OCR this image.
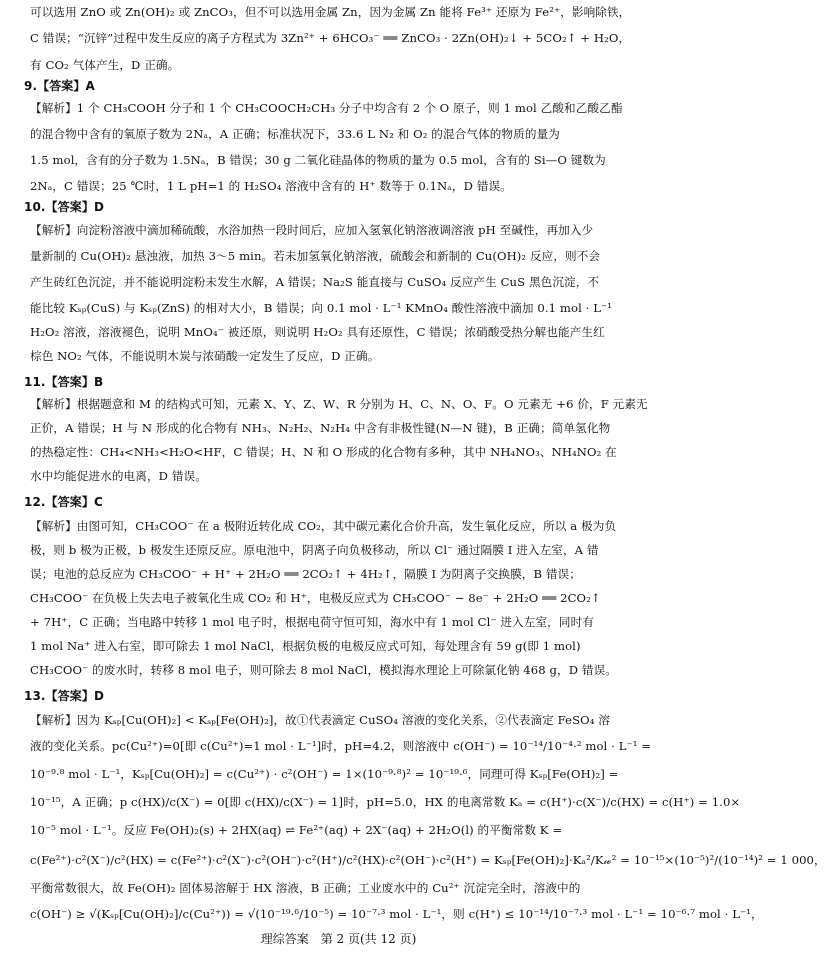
可以选用 ZnO 或 Zn(OH)₂ 或 ZnCO₃，但不可以选用金属 Zn，因为金属 Zn 能将 Fe³⁺ 还原为 Fe²⁺，影响除铁，
C 错误；“沉锌”过程中发生反应的离子方程式为 3Zn²⁺ + 6HCO₃⁻ ══ ZnCO₃ · 2Zn(OH)₂↓ + 5CO₂↑ + H₂O，
有 CO₂ 气体产生，D 正确。
9.【答案】A
【解析】1 个 CH₃COOH 分子和 1 个 CH₃COOCH₂CH₃ 分子中均含有 2 个 O 原子，则 1 mol 乙酸和乙酸乙酯
的混合物中含有的氧原子数为 2Nₐ，A 正确；标准状况下，33.6 L N₂ 和 O₂ 的混合气体的物质的量为
1.5 mol，含有的分子数为 1.5Nₐ，B 错误；30 g 二氧化硅晶体的物质的量为 0.5 mol，含有的 Si—O 键数为
2Nₐ，C 错误；25 ℃时，1 L pH=1 的 H₂SO₄ 溶液中含有的 H⁺ 数等于 0.1Nₐ，D 错误。
10.【答案】D
【解析】向淀粉溶液中滴加稀硫酸，水浴加热一段时间后，应加入氢氧化钠溶液调溶液 pH 至碱性，再加入少
量新制的 Cu(OH)₂ 悬浊液，加热 3～5 min。若未加氢氧化钠溶液，硫酸会和新制的 Cu(OH)₂ 反应，则不会
产生砖红色沉淀，并不能说明淀粉未发生水解，A 错误；Na₂S 能直接与 CuSO₄ 反应产生 CuS 黑色沉淀，不
能比较 Kₛₚ(CuS) 与 Kₛₚ(ZnS) 的相对大小，B 错误；向 0.1 mol · L⁻¹ KMnO₄ 酸性溶液中滴加 0.1 mol · L⁻¹
H₂O₂ 溶液，溶液褪色，说明 MnO₄⁻ 被还原，则说明 H₂O₂ 具有还原性，C 错误；浓硝酸受热分解也能产生红
棕色 NO₂ 气体，不能说明木炭与浓硝酸一定发生了反应，D 正确。
11.【答案】B
【解析】根据题意和 M 的结构式可知，元素 X、Y、Z、W、R 分别为 H、C、N、O、F。O 元素无 +6 价，F 元素无
正价，A 错误；H 与 N 形成的化合物有 NH₃、N₂H₂、N₂H₄ 中含有非极性键(N—N 键)，B 正确；简单氢化物
的热稳定性：CH₄<NH₃<H₂O<HF，C 错误；H、N 和 O 形成的化合物有多种，其中 NH₄NO₃、NH₄NO₂ 在
水中均能促进水的电离，D 错误。
12.【答案】C
【解析】由图可知，CH₃COO⁻ 在 a 极附近转化成 CO₂，其中碳元素化合价升高，发生氧化反应，所以 a 极为负
极，则 b 极为正极，b 极发生还原反应。原电池中，阴离子向负极移动，所以 Cl⁻ 通过隔膜 Ⅰ 进入左室，A 错
误；电池的总反应为 CH₃COO⁻ + H⁺ + 2H₂O ══ 2CO₂↑ + 4H₂↑，隔膜 Ⅰ 为阴离子交换膜，B 错误；
CH₃COO⁻ 在负极上失去电子被氧化生成 CO₂ 和 H⁺，电极反应式为 CH₃COO⁻ − 8e⁻ + 2H₂O ══ 2CO₂↑
+ 7H⁺，C 正确；当电路中转移 1 mol 电子时，根据电荷守恒可知，海水中有 1 mol Cl⁻ 进入左室，同时有
1 mol Na⁺ 进入右室，即可除去 1 mol NaCl，根据负极的电极反应式可知，每处理含有 59 g(即 1 mol)
CH₃COO⁻ 的废水时，转移 8 mol 电子，则可除去 8 mol NaCl，模拟海水理论上可除氯化钠 468 g，D 错误。
13.【答案】D
【解析】因为 Kₛₚ[Cu(OH)₂] < Kₛₚ[Fe(OH)₂]，故①代表滴定 CuSO₄ 溶液的变化关系，②代表滴定 FeSO₄ 溶
液的变化关系。pc(Cu²⁺)=0[即 c(Cu²⁺)=1 mol · L⁻¹]时，pH=4.2，则溶液中 c(OH⁻) = 10⁻¹⁴/10⁻⁴·² mol · L⁻¹ =
10⁻⁹·⁸ mol · L⁻¹，Kₛₚ[Cu(OH)₂] = c(Cu²⁺) · c²(OH⁻) = 1×(10⁻⁹·⁸)² = 10⁻¹⁹·⁶，同理可得 Kₛₚ[Fe(OH)₂] =
10⁻¹⁵，A 正确；p c(HX)/c(X⁻) = 0[即 c(HX)/c(X⁻) = 1]时，pH=5.0，HX 的电离常数 Kₐ = c(H⁺)·c(X⁻)/c(HX) = c(H⁺) = 1.0×
10⁻⁵ mol · L⁻¹。反应 Fe(OH)₂(s) + 2HX(aq) ⇌ Fe²⁺(aq) + 2X⁻(aq) + 2H₂O(l) 的平衡常数 K =
c(Fe²⁺)·c²(X⁻)/c²(HX) = c(Fe²⁺)·c²(X⁻)·c²(OH⁻)·c²(H⁺)/c²(HX)·c²(OH⁻)·c²(H⁺) = Kₛₚ[Fe(OH)₂]·Kₐ²/K𝓌² = 10⁻¹⁵×(10⁻⁵)²/(10⁻¹⁴)² = 1 000，
平衡常数很大，故 Fe(OH)₂ 固体易溶解于 HX 溶液，B 正确；工业废水中的 Cu²⁺ 沉淀完全时，溶液中的
c(OH⁻) ≥ √(Kₛₚ[Cu(OH)₂]/c(Cu²⁺)) = √(10⁻¹⁹·⁶/10⁻⁵) = 10⁻⁷·³ mol · L⁻¹，则 c(H⁺) ≤ 10⁻¹⁴/10⁻⁷·³ mol · L⁻¹ = 10⁻⁶·⁷ mol · L⁻¹，
理综答案　第 2 页(共 12 页)
